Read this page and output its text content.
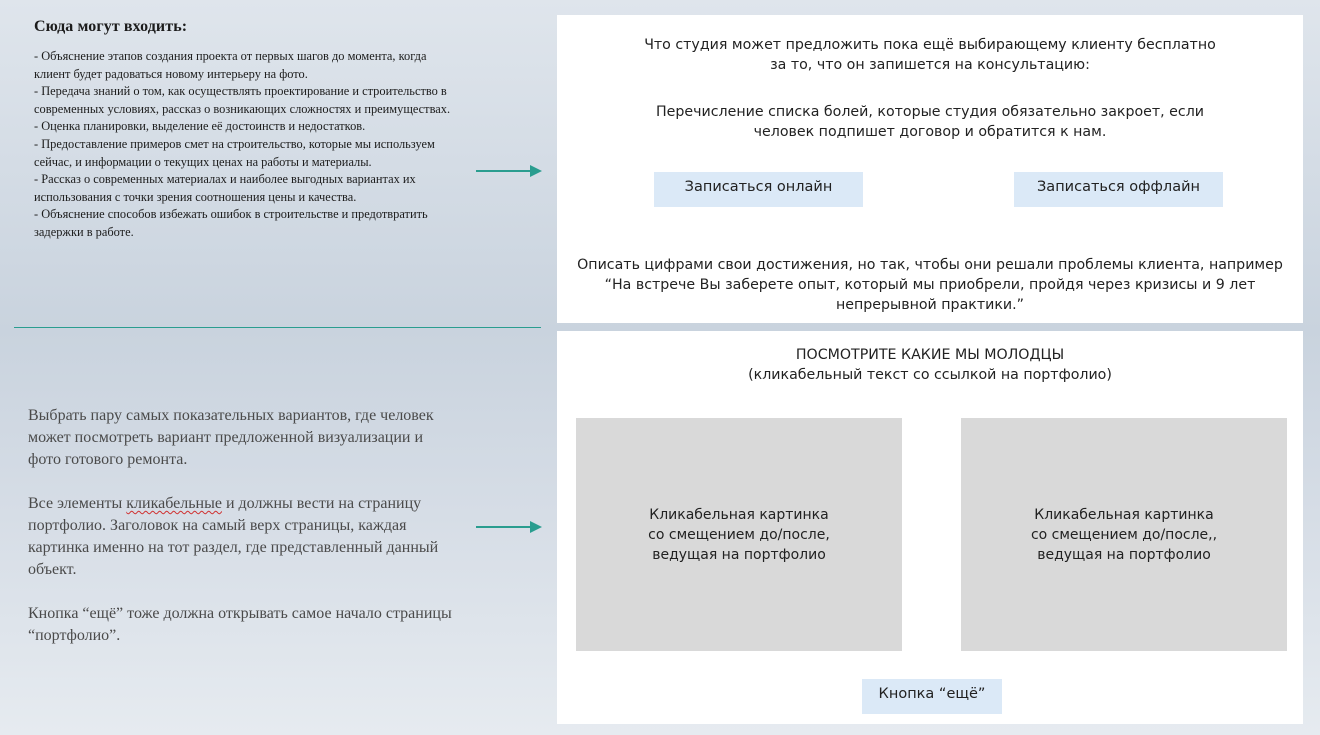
Сюда могут входить:
- Объяснение этапов создания проекта от первых шагов до момента, когда клиент будет радоваться новому интерьеру на фото.
- Передача знаний о том, как осуществлять проектирование и строительство в современных условиях, рассказ о возникающих сложностях и преимуществах.
- Оценка планировки, выделение её достоинств и недостатков.
- Предоставление примеров смет на строительство, которые мы используем сейчас, и информации о текущих ценах на работы и материалы.
- Рассказ о современных материалах и наиболее выгодных вариантах их использования с точки зрения соотношения цены и качества.
- Объяснение способов избежать ошибок в строительстве и предотвратить задержки в работе.

Выбрать пару самых показательных вариантов, где человек может посмотреть вариант предложенной визуализации и фото готового ремонта.

Все элементы кликабельные и должны вести на страницу портфолио. Заголовок на самый верх страницы, каждая картинка именно на тот раздел, где представленный данный объект.

Кнопка “ещё” тоже должна открывать самое начало страницы “портфолио”.

Что студия может предложить пока ещё выбирающему клиенту бесплатно за то, что он запишется на консультацию:
Перечисление списка болей, которые студия обязательно закроет, если человек подпишет договор и обратится к нам.
Записаться онлайн	Записаться оффлайн
Описать цифрами свои достижения, но так, чтобы они решали проблемы клиента, например “На встрече Вы заберете опыт, который мы приобрели, пройдя через кризисы и 9 лет непрерывной практики.”
ПОСМОТРИТЕ КАКИЕ МЫ МОЛОДЦЫ
(кликабельный текст со ссылкой на портфолио)
Кликабельная картинка со смещением до/после, ведущая на портфолио
Кликабельная картинка со смещением до/после,, ведущая на портфолио
Кнопка “ещё”
